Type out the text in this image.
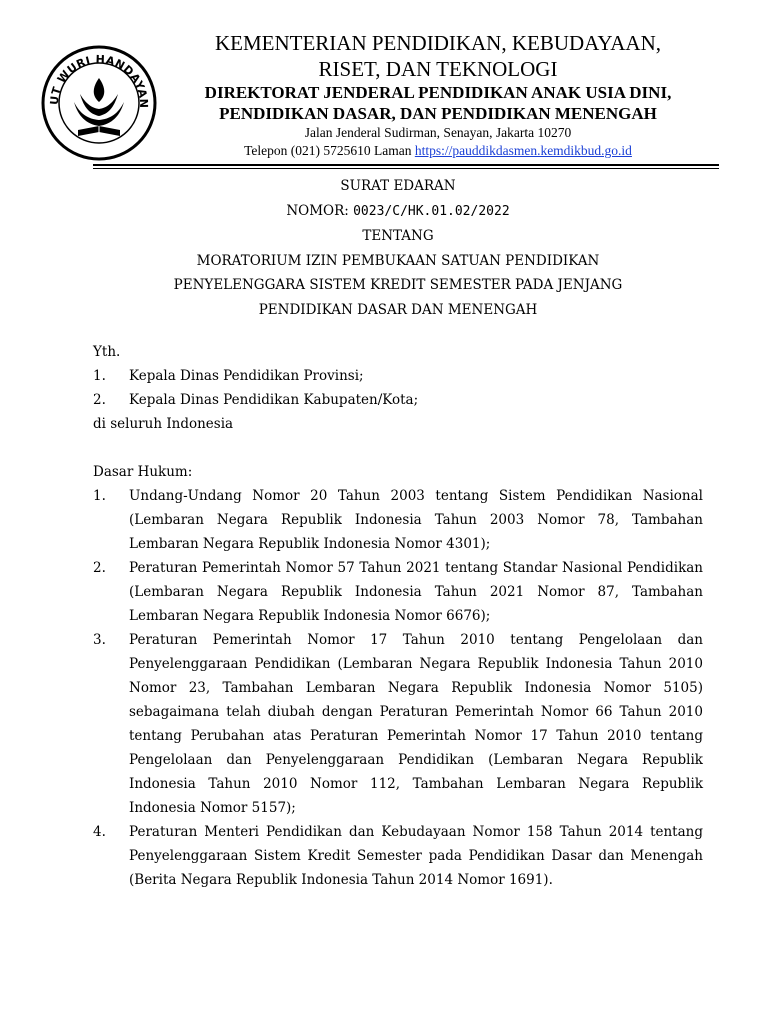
UT WURI HANDAYAN
KEMENTERIAN PENDIDIKAN, KEBUDAYAAN,
RISET, DAN TEKNOLOGI
DIREKTORAT JENDERAL PENDIDIKAN ANAK USIA DINI,
PENDIDIKAN DASAR, DAN PENDIDIKAN MENENGAH
Jalan Jenderal Sudirman, Senayan, Jakarta 10270
Telepon (021) 5725610 Laman https://pauddikdasmen.kemdikbud.go.id
SURAT EDARAN
NOMOR: 0023/C/HK.01.02/2022
TENTANG
MORATORIUM IZIN PEMBUKAAN SATUAN PENDIDIKAN
PENYELENGGARA SISTEM KREDIT SEMESTER PADA JENJANG
PENDIDIKAN DASAR DAN MENENGAH

Yth.

1.	Kepala Dinas Pendidikan Provinsi;
2.	Kepala Dinas Pendidikan Kabupaten/Kota;

di seluruh Indonesia

Dasar Hukum:

1.	Undang-Undang Nomor 20 Tahun 2003 tentang Sistem Pendidikan Nasional (Lembaran Negara Republik Indonesia Tahun 2003 Nomor 78, Tambahan Lembaran Negara Republik Indonesia Nomor 4301);
2.	Peraturan Pemerintah Nomor 57 Tahun 2021 tentang Standar Nasional Pendidikan (Lembaran Negara Republik Indonesia Tahun 2021 Nomor 87, Tambahan Lembaran Negara Republik Indonesia Nomor 6676);
3.	Peraturan Pemerintah Nomor 17 Tahun 2010 tentang Pengelolaan dan Penyelenggaraan Pendidikan (Lembaran Negara Republik Indonesia Tahun 2010 Nomor 23, Tambahan Lembaran Negara Republik Indonesia Nomor 5105) sebagaimana telah diubah dengan Peraturan Pemerintah Nomor 66 Tahun 2010 tentang Perubahan atas Peraturan Pemerintah Nomor 17 Tahun 2010 tentang Pengelolaan dan Penyelenggaraan Pendidikan (Lembaran Negara Republik Indonesia Tahun 2010 Nomor 112, Tambahan Lembaran Negara Republik Indonesia Nomor 5157);
4.	Peraturan Menteri Pendidikan dan Kebudayaan Nomor 158 Tahun 2014 tentang Penyelenggaraan Sistem Kredit Semester pada Pendidikan Dasar dan Menengah (Berita Negara Republik Indonesia Tahun 2014 Nomor 1691).
